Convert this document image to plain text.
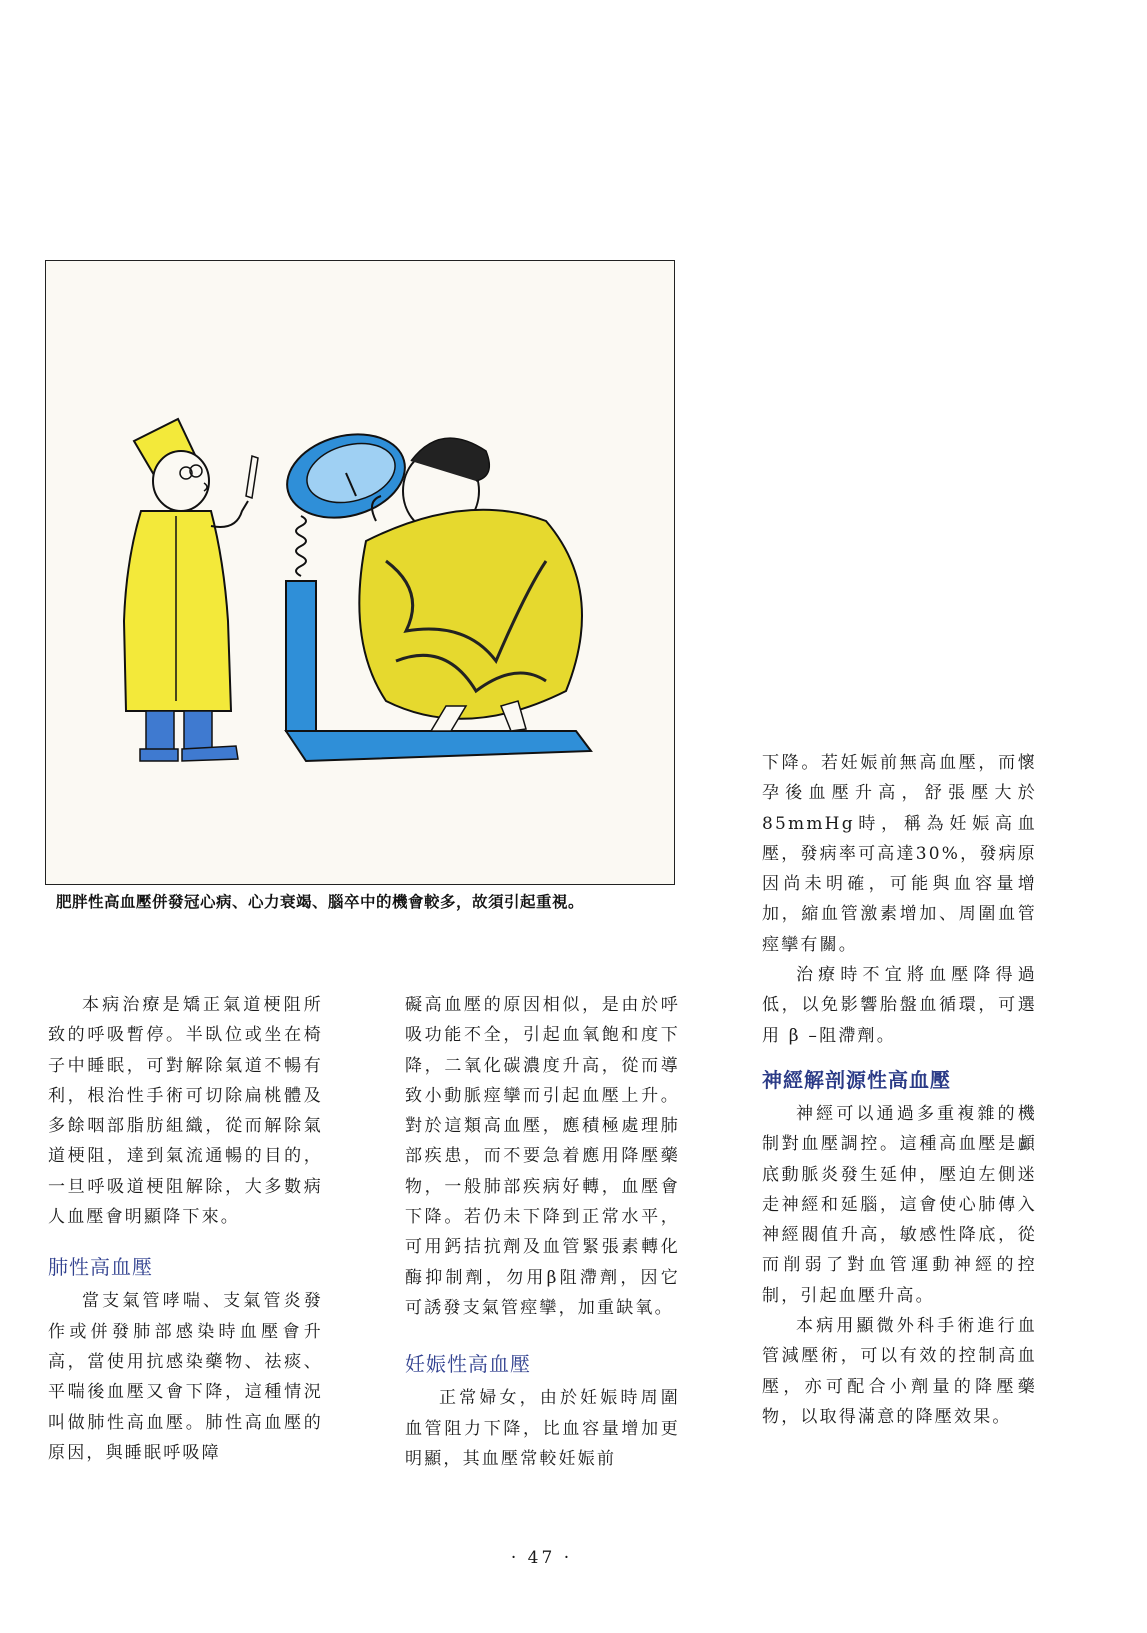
肥胖性高血壓併發冠心病、心力衰竭、腦卒中的機會較多，故須引起重視。

本病治療是矯正氣道梗阻所致的呼吸暫停。半臥位或坐在椅子中睡眠，可對解除氣道不暢有利，根治性手術可切除扁桃體及多餘咽部脂肪組織，從而解除氣道梗阻，達到氣流通暢的目的，一旦呼吸道梗阻解除，大多數病人血壓會明顯降下來。

肺性高血壓

當支氣管哮喘、支氣管炎發作或併發肺部感染時血壓會升高，當使用抗感染藥物、祛痰、平喘後血壓又會下降，這種情況叫做肺性高血壓。肺性高血壓的原因，與睡眠呼吸障

礙高血壓的原因相似，是由於呼吸功能不全，引起血氧飽和度下降，二氧化碳濃度升高，從而導致小動脈痙攣而引起血壓上升。對於這類高血壓，應積極處理肺部疾患，而不要急着應用降壓藥物，一般肺部疾病好轉，血壓會下降。若仍未下降到正常水平，可用鈣拮抗劑及血管緊張素轉化酶抑制劑，勿用β阻滯劑，因它可誘發支氣管痙攣，加重缺氧。

妊娠性高血壓

正常婦女，由於妊娠時周圍血管阻力下降，比血容量增加更明顯，其血壓常較妊娠前

下降。若妊娠前無高血壓，而懷孕後血壓升高，舒張壓大於85mmHg時，稱為妊娠高血壓，發病率可高達30%，發病原因尚未明確，可能與血容量增加，縮血管激素增加、周圍血管痙攣有關。

治療時不宜將血壓降得過低，以免影響胎盤血循環，可選用 β –阻滯劑。

神經解剖源性高血壓

神經可以通過多重複雜的機制對血壓調控。這種高血壓是顱底動脈炎發生延伸，壓迫左側迷走神經和延腦，這會使心肺傳入神經閥值升高，敏感性降底，從而削弱了對血管運動神經的控制，引起血壓升高。

本病用顯微外科手術進行血管減壓術，可以有效的控制高血壓，亦可配合小劑量的降壓藥物，以取得滿意的降壓效果。

· 47 ·
